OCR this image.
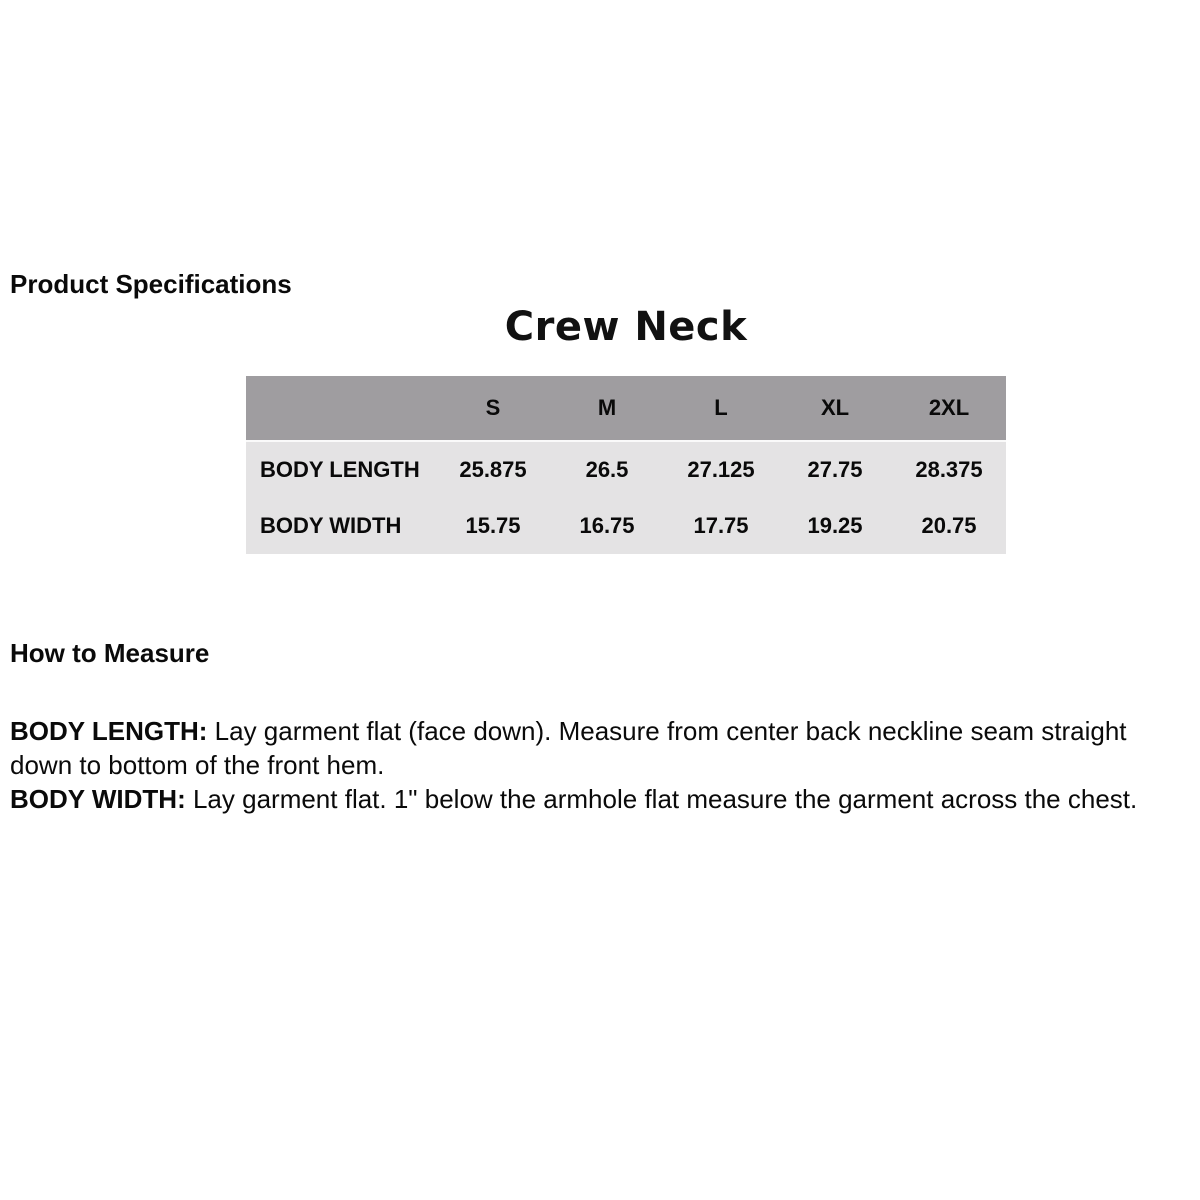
Product Specifications
Crew Neck
S	M	L	XL	2XL
BODY LENGTH	25.875	26.5	27.125	27.75	28.375
BODY WIDTH	15.75	16.75	17.75	19.25	20.75
How to Measure

BODY LENGTH: Lay garment flat (face down). Measure from center back neckline seam straight down to bottom of the front hem.

BODY WIDTH: Lay garment flat. 1" below the armhole flat measure the garment across the chest.
